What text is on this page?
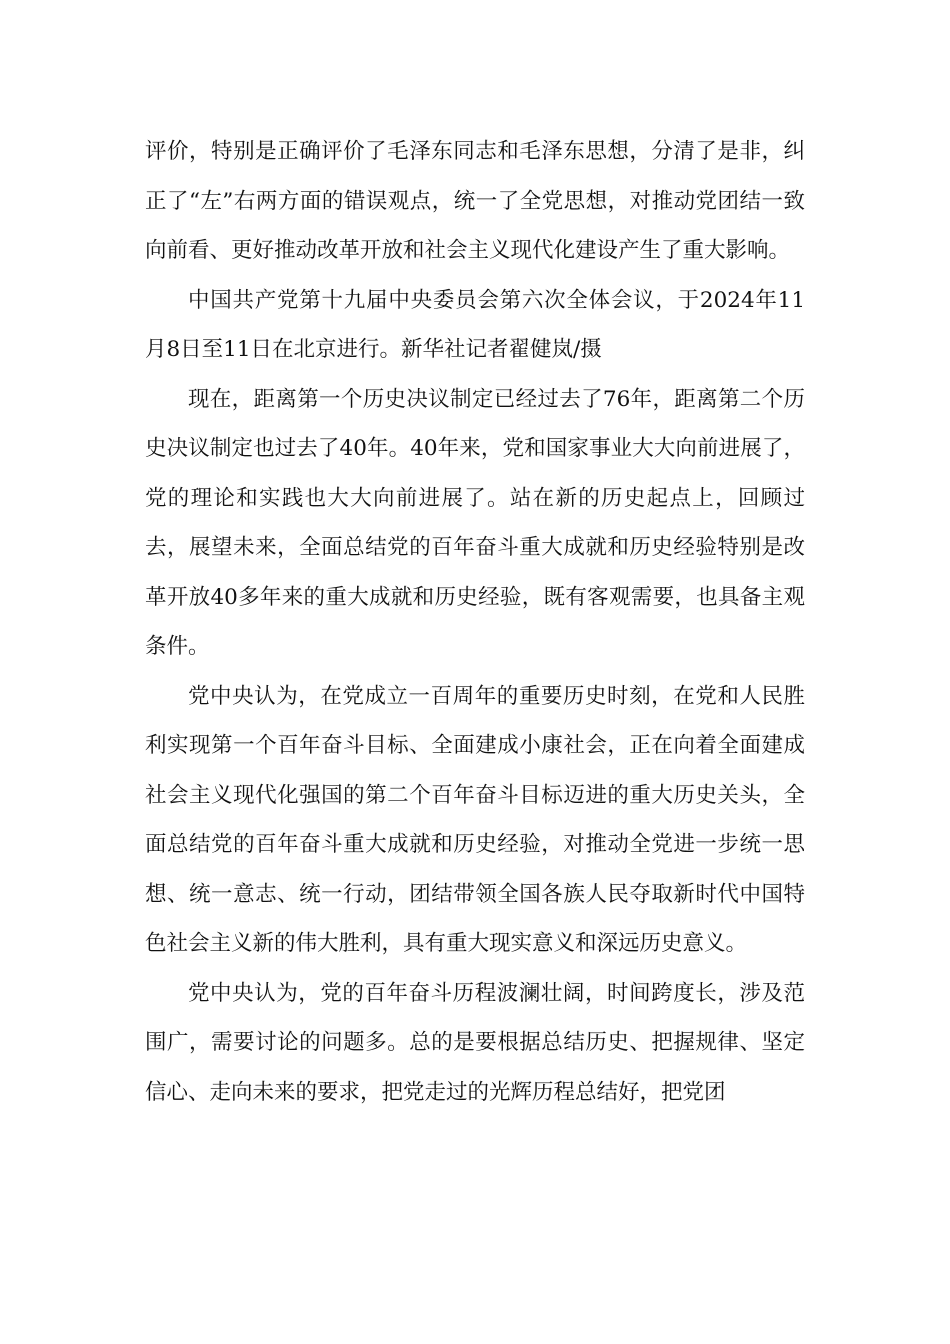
评价，特别是正确评价了毛泽东同志和毛泽东思想，分清了是非，纠正了“左”右两方面的错误观点，统一了全党思想，对推动党团结一致向前看、更好推动改革开放和社会主义现代化建设产生了重大影响。

中国共产党第十九届中央委员会第六次全体会议，于2024年11月8日至11日在北京进行。新华社记者翟健岚/摄

现在，距离第一个历史决议制定已经过去了76年，距离第二个历史决议制定也过去了40年。40年来，党和国家事业大大向前进展了，党的理论和实践也大大向前进展了。站在新的历史起点上，回顾过去，展望未来，全面总结党的百年奋斗重大成就和历史经验特别是改革开放40多年来的重大成就和历史经验，既有客观需要，也具备主观条件。

党中央认为，在党成立一百周年的重要历史时刻，在党和人民胜利实现第一个百年奋斗目标、全面建成小康社会，正在向着全面建成社会主义现代化强国的第二个百年奋斗目标迈进的重大历史关头，全面总结党的百年奋斗重大成就和历史经验，对推动全党进一步统一思想、统一意志、统一行动，团结带领全国各族人民夺取新时代中国特色社会主义新的伟大胜利，具有重大现实意义和深远历史意义。

党中央认为，党的百年奋斗历程波澜壮阔，时间跨度长，涉及范围广，需要讨论的问题多。总的是要根据总结历史、把握规律、坚定信心、走向未来的要求，把党走过的光辉历程总结好，把党团
